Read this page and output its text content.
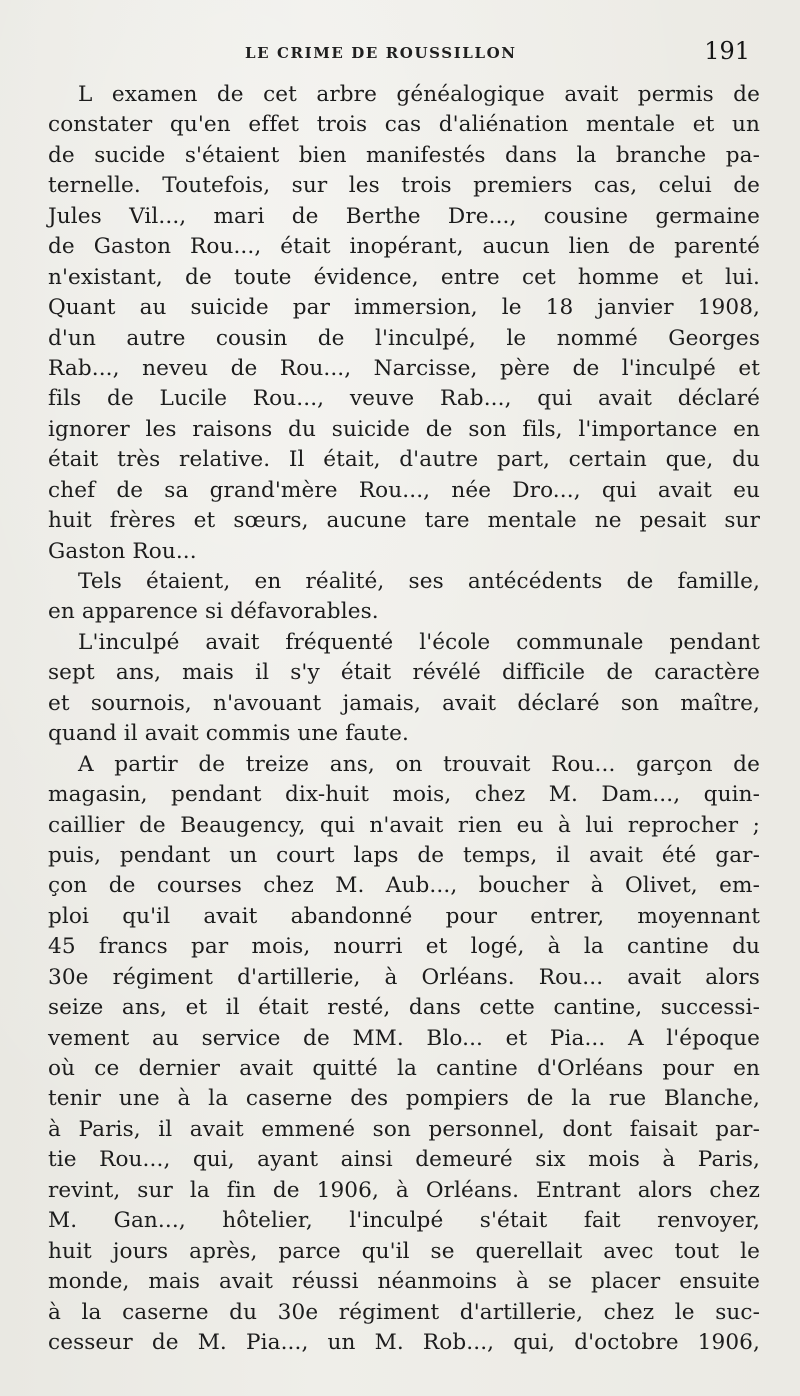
LE CRIME DE ROUSSILLON	191
L examen de cet arbre généalogique avait permis de
constater qu'en effet trois cas d'aliénation mentale et un
de sucide s'étaient bien manifestés dans la branche pa-
ternelle. Toutefois, sur les trois premiers cas, celui de
Jules Vil..., mari de Berthe Dre..., cousine germaine
de Gaston Rou..., était inopérant, aucun lien de parenté
n'existant, de toute évidence, entre cet homme et lui.
Quant au suicide par immersion, le 18 janvier 1908,
d'un autre cousin de l'inculpé, le nommé Georges
Rab..., neveu de Rou..., Narcisse, père de l'inculpé et
fils de Lucile Rou..., veuve Rab..., qui avait déclaré
ignorer les raisons du suicide de son fils, l'importance en
était très relative. Il était, d'autre part, certain que, du
chef de sa grand'mère Rou..., née Dro..., qui avait eu
huit frères et sœurs, aucune tare mentale ne pesait sur
Gaston Rou...
Tels étaient, en réalité, ses antécédents de famille,
en apparence si défavorables.
L'inculpé avait fréquenté l'école communale pendant
sept ans, mais il s'y était révélé difficile de caractère
et sournois, n'avouant jamais, avait déclaré son maître,
quand il avait commis une faute.
A partir de treize ans, on trouvait Rou... garçon de
magasin, pendant dix-huit mois, chez M. Dam..., quin-
caillier de Beaugency, qui n'avait rien eu à lui reprocher ;
puis, pendant un court laps de temps, il avait été gar-
çon de courses chez M. Aub..., boucher à Olivet, em-
ploi qu'il avait abandonné pour entrer, moyennant
45 francs par mois, nourri et logé, à la cantine du
30e régiment d'artillerie, à Orléans. Rou... avait alors
seize ans, et il était resté, dans cette cantine, successi-
vement au service de MM. Blo... et Pia... A l'époque
où ce dernier avait quitté la cantine d'Orléans pour en
tenir une à la caserne des pompiers de la rue Blanche,
à Paris, il avait emmené son personnel, dont faisait par-
tie Rou..., qui, ayant ainsi demeuré six mois à Paris,
revint, sur la fin de 1906, à Orléans. Entrant alors chez
M. Gan..., hôtelier, l'inculpé s'était fait renvoyer,
huit jours après, parce qu'il se querellait avec tout le
monde, mais avait réussi néanmoins à se placer ensuite
à la caserne du 30e régiment d'artillerie, chez le suc-
cesseur de M. Pia..., un M. Rob..., qui, d'octobre 1906,
